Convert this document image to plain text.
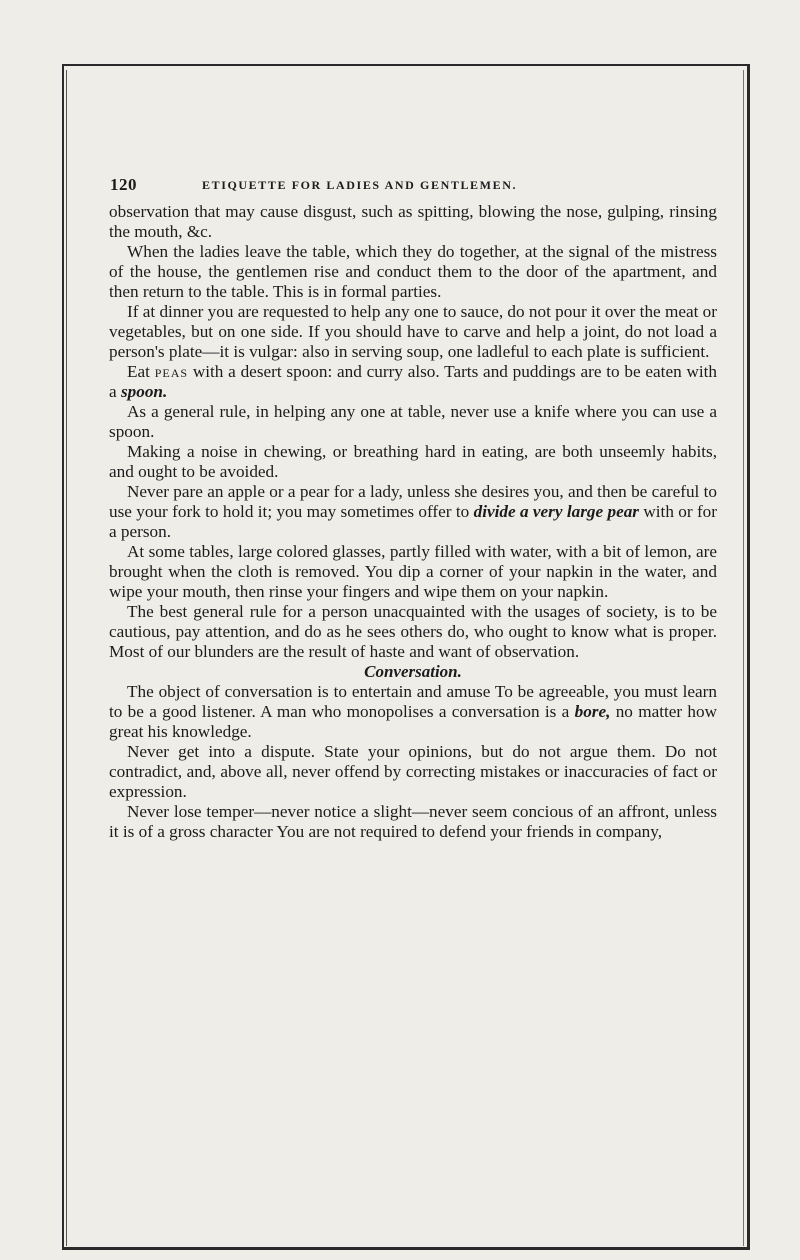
120	ETIQUETTE FOR LADIES AND GENTLEMEN.

observation that may cause disgust, such as spitting, blowing the nose, gulping, rinsing the mouth, &c.

When the ladies leave the table, which they do together, at the signal of the mistress of the house, the gentlemen rise and conduct them to the door of the apartment, and then return to the table. This is in formal parties.

If at dinner you are requested to help any one to sauce, do not pour it over the meat or vegetables, but on one side. If you should have to carve and help a joint, do not load a person's plate—it is vulgar: also in serving soup, one ladleful to each plate is sufficient.

Eat peas with a desert spoon: and curry also. Tarts and puddings are to be eaten with a spoon.

As a general rule, in helping any one at table, never use a knife where you can use a spoon.

Making a noise in chewing, or breathing hard in eating, are both unseemly habits, and ought to be avoided.

Never pare an apple or a pear for a lady, unless she desires you, and then be careful to use your fork to hold it; you may sometimes offer to divide a very large pear with or for a person.

At some tables, large colored glasses, partly filled with water, with a bit of lemon, are brought when the cloth is removed. You dip a corner of your napkin in the water, and wipe your mouth, then rinse your fingers and wipe them on your napkin.

The best general rule for a person unacquainted with the usages of society, is to be cautious, pay attention, and do as he sees others do, who ought to know what is proper. Most of our blunders are the result of haste and want of observation.

Conversation.

The object of conversation is to entertain and amuse To be agreeable, you must learn to be a good listener. A man who monopolises a conversation is a bore, no matter how great his knowledge.

Never get into a dispute. State your opinions, but do not argue them. Do not contradict, and, above all, never offend by correcting mistakes or inaccuracies of fact or expression.

Never lose temper—never notice a slight—never seem concious of an affront, unless it is of a gross character You are not required to defend your friends in company,
